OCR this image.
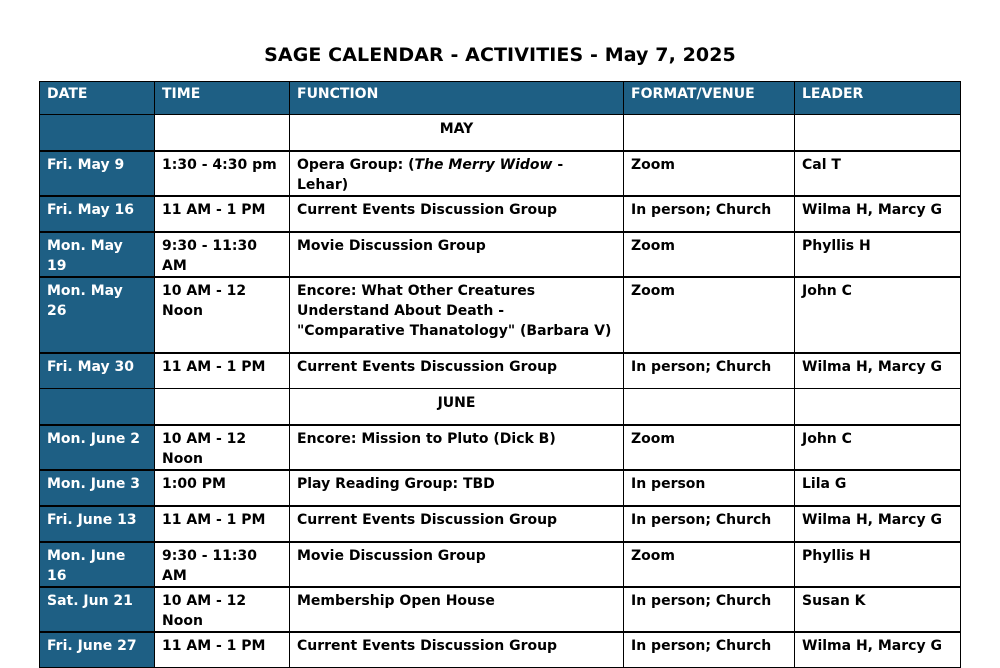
SAGE CALENDAR - ACTIVITIES - May 7, 2025
DATE	TIME	FUNCTION	FORMAT/VENUE	LEADER
		MAY		
Fri. May 9	1:30 - 4:30 pm	Opera Group: (The Merry Widow - Lehar)	Zoom	Cal T
Fri. May 16	11 AM - 1 PM	Current Events Discussion Group	In person; Church	Wilma H, Marcy G
Mon. May 19	9:30 - 11:30 AM	Movie Discussion Group	Zoom	Phyllis H
Mon. May 26	10 AM - 12 Noon	Encore: What Other Creatures Understand About Death - "Comparative Thanatology" (Barbara V)	Zoom	John C
Fri. May 30	11 AM - 1 PM	Current Events Discussion Group	In person; Church	Wilma H, Marcy G
		JUNE		
Mon. June 2	10 AM - 12 Noon	Encore: Mission to Pluto (Dick B)	Zoom	John C
Mon. June 3	1:00 PM	Play Reading Group: TBD	In person	Lila G
Fri. June 13	11 AM - 1 PM	Current Events Discussion Group	In person; Church	Wilma H, Marcy G
Mon. June 16	9:30 - 11:30 AM	Movie Discussion Group	Zoom	Phyllis H
Sat. Jun 21	10 AM - 12 Noon	Membership Open House	In person; Church	Susan K
Fri. June 27	11 AM - 1 PM	Current Events Discussion Group	In person; Church	Wilma H, Marcy G
